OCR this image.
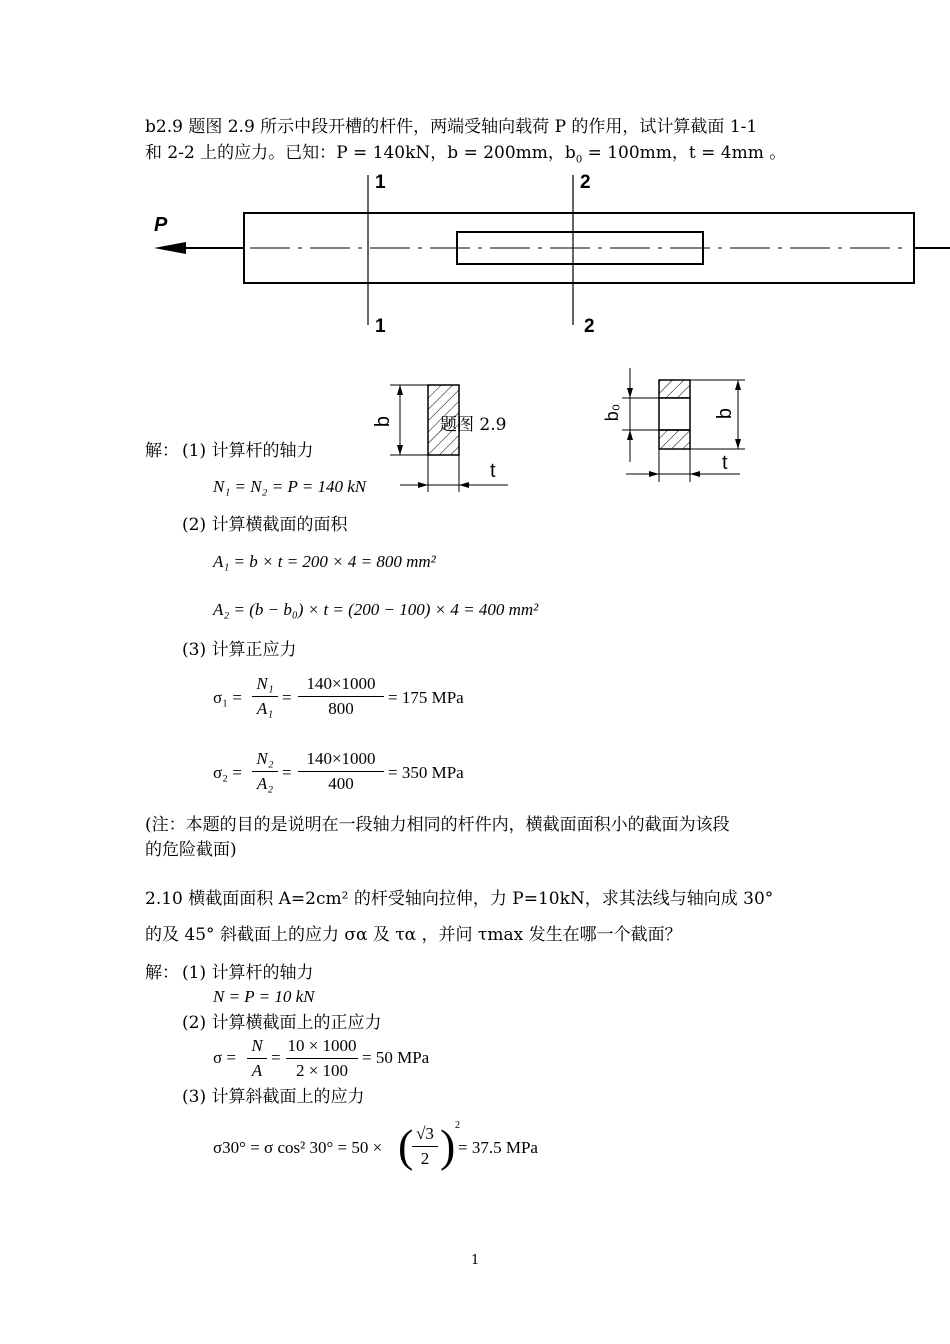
b2.9 题图 2.9 所示中段开槽的杆件，两端受轴向载荷 P 的作用，试计算截面 1-1
和 2-2 上的应力。已知：P = 140kN，b = 200mm，$b_0 = 100mm$，t = 4mm 。
P
1
1
2
2
b
t
b₀	b
t
题图 2.9
解： (1) 计算杆的轴力
N₁ = N₂ = P = 140 kN
(2) 计算横截面的面积
A₁ = b × t = 200 × 4 = 800 mm²
A₂ = (b − b₀) × t = (200 − 100) × 4 = 400 mm²
(3) 计算正应力
σ₁ =
N₁
A₁
=
140×1000
800
= 175 MPa
σ₂ =
N₂
A₂
=
140×1000
400
= 350 MPa
(注：本题的目的是说明在一段轴力相同的杆件内，横截面面积小的截面为该段
的危险截面)
2.10 横截面面积 A=2cm² 的杆受轴向拉伸，力 P=10kN，求其法线与轴向成 30°
的及 45° 斜截面上的应力 σα 及 τα ，并问 τmax 发生在哪一个截面？
解： (1) 计算杆的轴力
N = P = 10 kN
(2) 计算横截面上的正应力
σ =
N
A
=
10 × 1000
2 × 100
= 50 MPa
(3) 计算斜截面上的应力
σ30° = σ cos² 30° = 50 × ( √3
2 ) 2
= 37.5 MPa
1
